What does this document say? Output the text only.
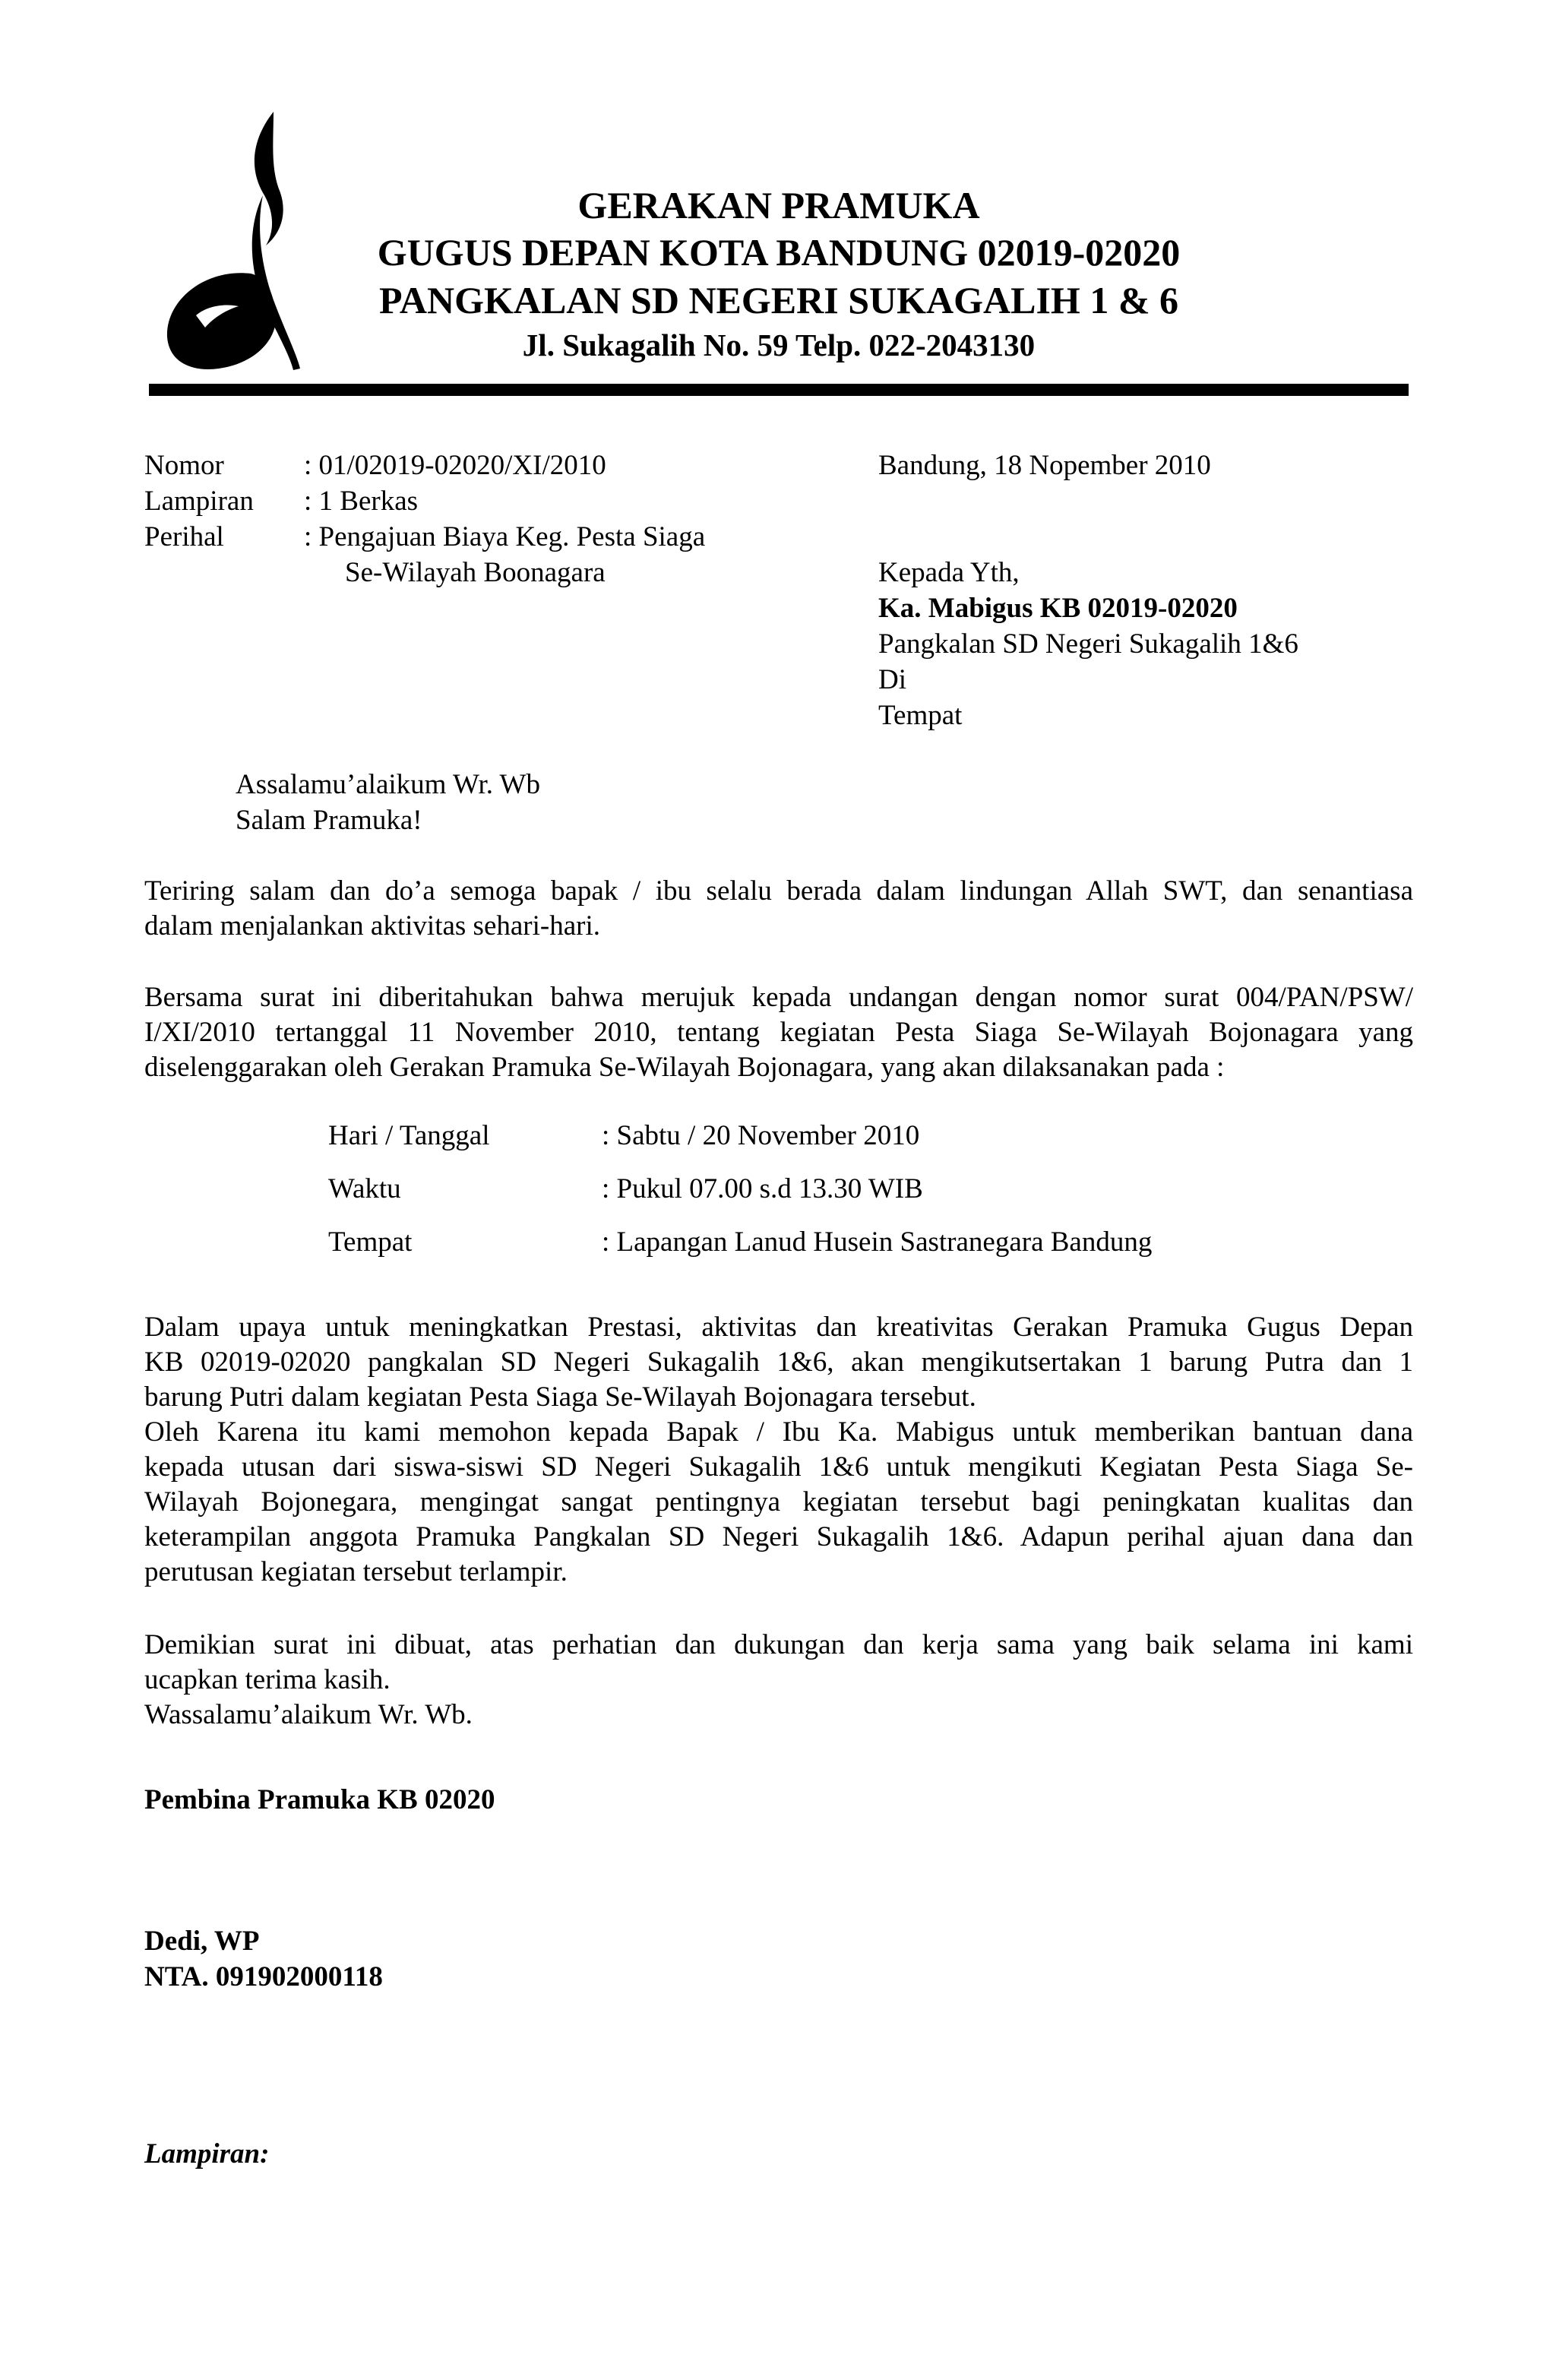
GERAKAN PRAMUKA
GUGUS DEPAN KOTA BANDUNG 02019-02020
PANGKALAN SD NEGERI SUKAGALIH 1 & 6
Jl. Sukagalih No. 59 Telp. 022-2043130
Nomor	: 01/02019-02020/XI/2010	Bandung, 18 Nopember 2010
Lampiran : 1 Berkas
Perihal	: Pengajuan Biaya Keg. Pesta Siaga
Se-Wilayah Boonagara	Kepada Yth,
Ka. Mabigus KB 02019-02020
Pangkalan SD Negeri Sukagalih 1&6
Di
Tempat
Assalamu’alaikum Wr. Wb
Salam Pramuka!
Teriring salam dan do’a semoga bapak / ibu selalu berada dalam lindungan Allah SWT, dan senantiasa
dalam menjalankan aktivitas sehari-hari.
Bersama surat ini diberitahukan bahwa merujuk kepada undangan dengan nomor surat 004/PAN/PSW/
I/XI/2010 tertanggal 11 November 2010, tentang kegiatan Pesta Siaga Se-Wilayah Bojonagara yang
diselenggarakan oleh Gerakan Pramuka Se-Wilayah Bojonagara, yang akan dilaksanakan pada :
Hari / Tanggal	: Sabtu / 20 November 2010
Waktu	: Pukul 07.00 s.d 13.30 WIB
Tempat	: Lapangan Lanud Husein Sastranegara Bandung
Dalam upaya untuk meningkatkan Prestasi, aktivitas dan kreativitas Gerakan Pramuka Gugus Depan
KB 02019-02020 pangkalan SD Negeri Sukagalih 1&6, akan mengikutsertakan 1 barung Putra dan 1
barung Putri dalam kegiatan Pesta Siaga Se-Wilayah Bojonagara tersebut.
Oleh Karena itu kami memohon kepada Bapak / Ibu Ka. Mabigus untuk memberikan bantuan dana
kepada utusan dari siswa-siswi SD Negeri Sukagalih 1&6 untuk mengikuti Kegiatan Pesta Siaga Se-
Wilayah Bojonegara, mengingat sangat pentingnya kegiatan tersebut bagi peningkatan kualitas dan
keterampilan anggota Pramuka Pangkalan SD Negeri Sukagalih 1&6. Adapun perihal ajuan dana dan
perutusan kegiatan tersebut terlampir.
Demikian surat ini dibuat, atas perhatian dan dukungan dan kerja sama yang baik selama ini kami
ucapkan terima kasih.
Wassalamu’alaikum Wr. Wb.
Pembina Pramuka KB 02020
Dedi, WP
NTA. 091902000118
Lampiran:
